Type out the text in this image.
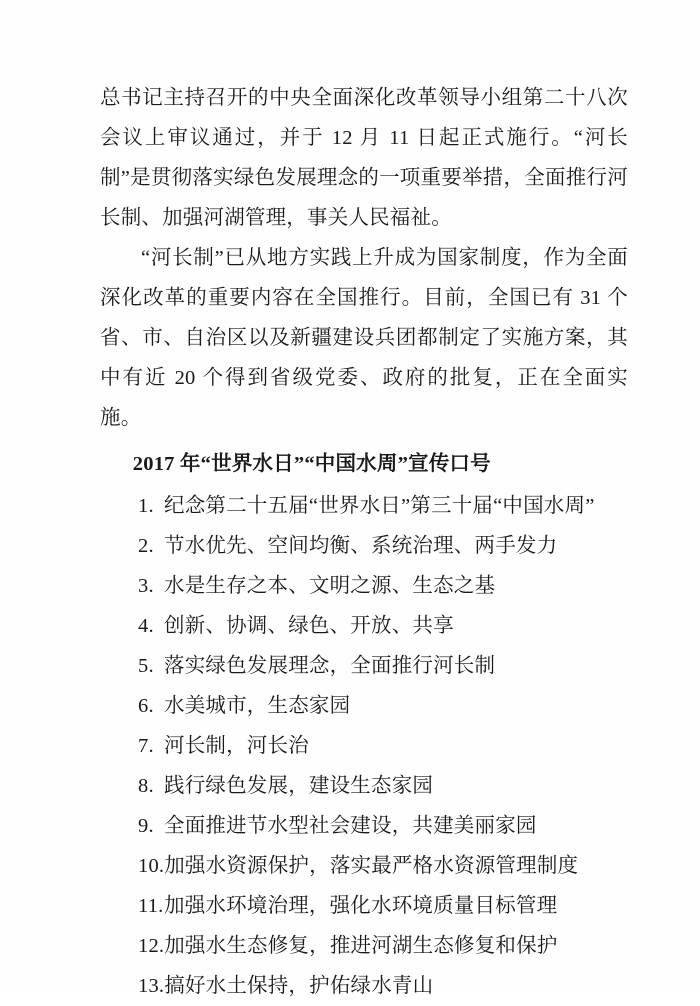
总书记主持召开的中央全面深化改革领导小组第二十八次会议上审议通过，并于 12 月 11 日起正式施行。“河长制”是贯彻落实绿色发展理念的一项重要举措，全面推行河长制、加强河湖管理，事关人民福祉。

“河长制”已从地方实践上升成为国家制度，作为全面深化改革的重要内容在全国推行。目前，全国已有 31 个省、市、自治区以及新疆建设兵团都制定了实施方案，其中有近 20 个得到省级党委、政府的批复，正在全面实施。

2017 年“世界水日”“中国水周”宣传口号
1. 纪念第二十五届“世界水日”第三十届“中国水周”
2. 节水优先、空间均衡、系统治理、两手发力
3. 水是生存之本、文明之源、生态之基
4. 创新、协调、绿色、开放、共享
5. 落实绿色发展理念，全面推行河长制
6. 水美城市，生态家园
7. 河长制，河长治
8. 践行绿色发展，建设生态家园
9. 全面推进节水型社会建设，共建美丽家园
10. 加强水资源保护，落实最严格水资源管理制度
11. 加强水环境治理，强化水环境质量目标管理
12. 加强水生态修复，推进河湖生态修复和保护
13. 搞好水土保持，护佑绿水青山
